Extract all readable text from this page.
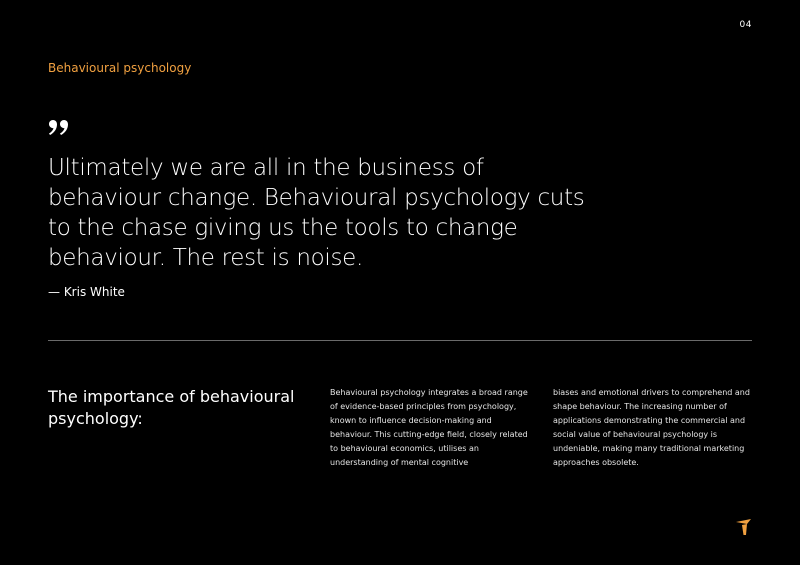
04
Behavioural psychology

Ultimately we are all in the business of behaviour change. Behavioural psychology cuts to the chase giving us the tools to change behaviour. The rest is noise.

— Kris White
The importance of behavioural psychology:

Behavioural psychology integrates a broad range of evidence-based principles from psychology, known to influence decision-making and behaviour. This cutting-edge field, closely related to behavioural economics, utilises an understanding of mental cognitive

biases and emotional drivers to comprehend and shape behaviour. The increasing number of applications demonstrating the commercial and social value of behavioural psychology is undeniable, making many traditional marketing approaches obsolete.
